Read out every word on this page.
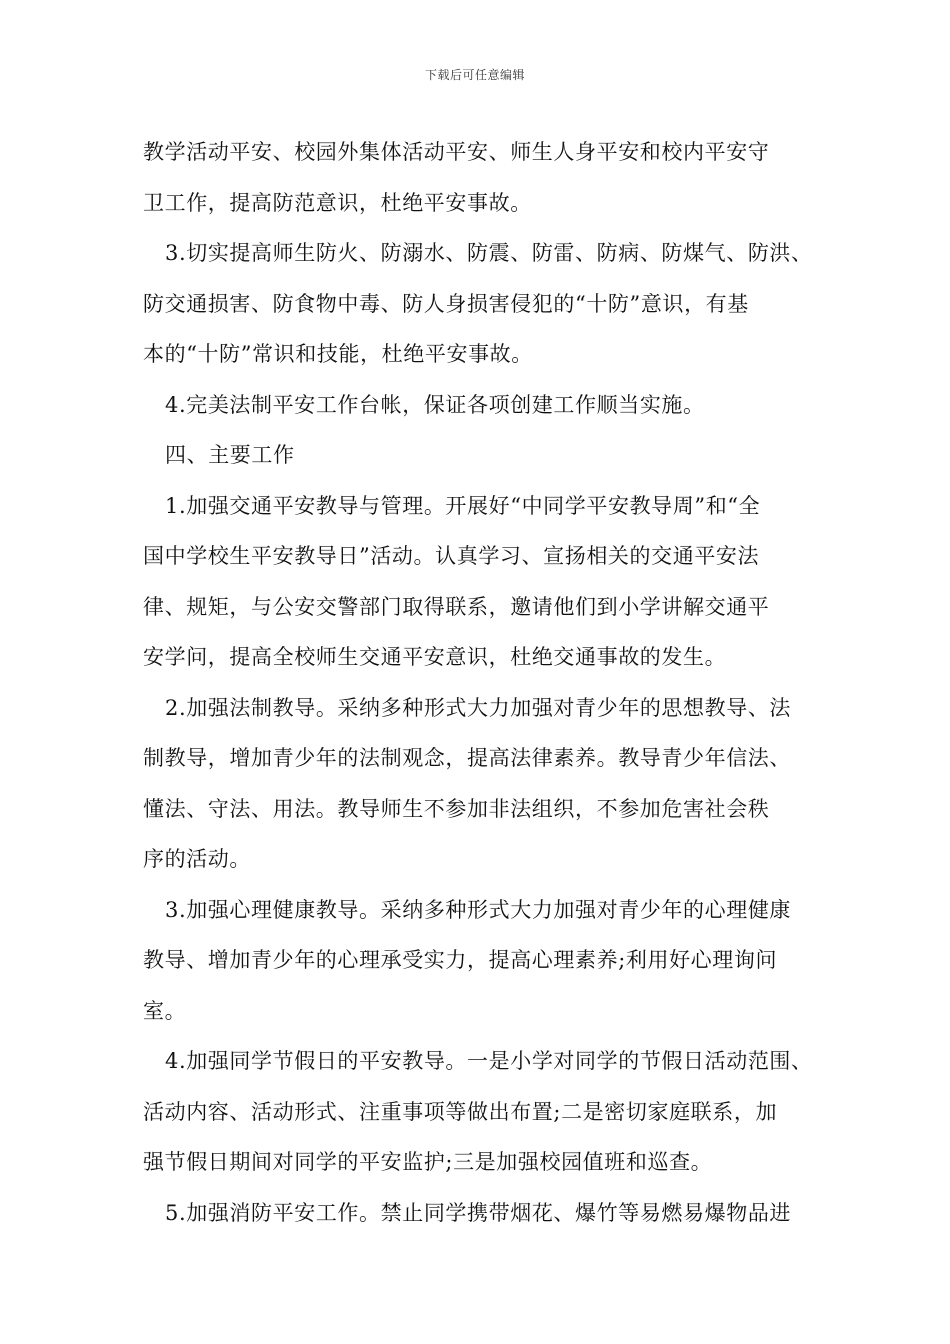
下载后可任意编辑
教学活动平安、校园外集体活动平安、师生人身平安和校内平安守
卫工作，提高防范意识，杜绝平安事故。
3.切实提高师生防火、防溺水、防震、防雷、防病、防煤气、防洪、
防交通损害、防食物中毒、防人身损害侵犯的“十防”意识，有基
本的“十防”常识和技能，杜绝平安事故。
4.完美法制平安工作台帐，保证各项创建工作顺当实施。
四、主要工作
1.加强交通平安教导与管理。开展好“中同学平安教导周”和“全
国中学校生平安教导日”活动。认真学习、宣扬相关的交通平安法
律、规矩，与公安交警部门取得联系，邀请他们到小学讲解交通平
安学问，提高全校师生交通平安意识，杜绝交通事故的发生。
2.加强法制教导。采纳多种形式大力加强对青少年的思想教导、法
制教导，增加青少年的法制观念，提高法律素养。教导青少年信法、
懂法、守法、用法。教导师生不参加非法组织，不参加危害社会秩
序的活动。
3.加强心理健康教导。采纳多种形式大力加强对青少年的心理健康
教导、增加青少年的心理承受实力，提高心理素养;利用好心理询问
室。
4.加强同学节假日的平安教导。一是小学对同学的节假日活动范围、
活动内容、活动形式、注重事项等做出布置;二是密切家庭联系，加
强节假日期间对同学的平安监护;三是加强校园值班和巡查。
5.加强消防平安工作。禁止同学携带烟花、爆竹等易燃易爆物品进
